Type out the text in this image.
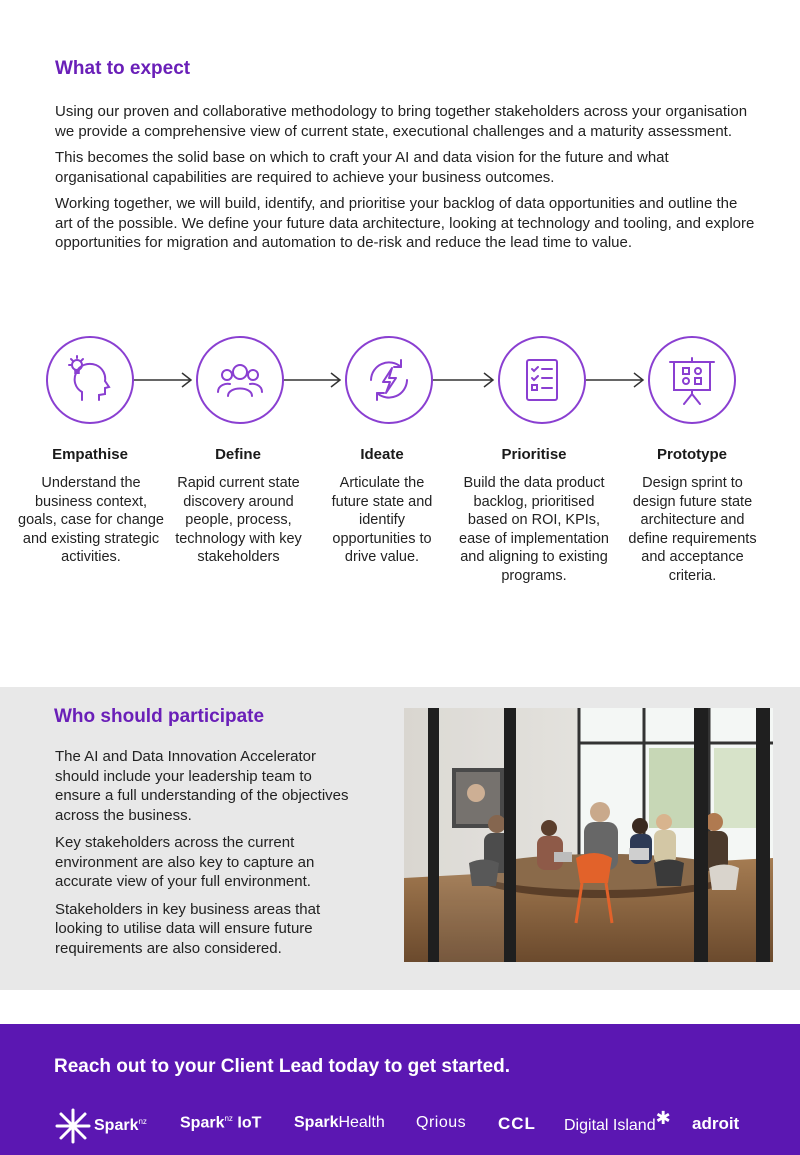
What to expect

Using our proven and collaborative methodology to bring together stakeholders across your organisation we provide a comprehensive view of current state, executional challenges and a maturity assessment.

This becomes the solid base on which to craft your AI and data vision for the future and what organisational capabilities are required to achieve your business outcomes.

Working together, we will build, identify, and prioritise your backlog of data opportunities and outline the art of the possible. We define your future data architecture, looking at technology and tooling, and explore opportunities for migration and automation to de-risk and reduce the lead time to value.

Empathise	Define	Ideate	Prioritise	Prototype
Understand the business context, goals, case for change and existing strategic activities.
Rapid current state discovery around people, process, technology with key stakeholders
Articulate the future state and identify opportunities to drive value.
Build the data product backlog, prioritised based on ROI, KPIs, ease of implementation and aligning to existing programs.
Design sprint to design future state architecture and define requirements and acceptance criteria.
Who should participate

The AI and Data Innovation Accelerator should include your leadership team to ensure a full understanding of the objectives across the business.

Key stakeholders across the current environment are also key to capture an accurate view of your full environment.

Stakeholders in key business areas that looking to utilise data will ensure future requirements are also considered.

Reach out to your Client Lead today to get started.
Spark$^{nz}$ Spark$^{nz}$ IoT SparkHealth Qrious CCL Digital Island✱ adroit
